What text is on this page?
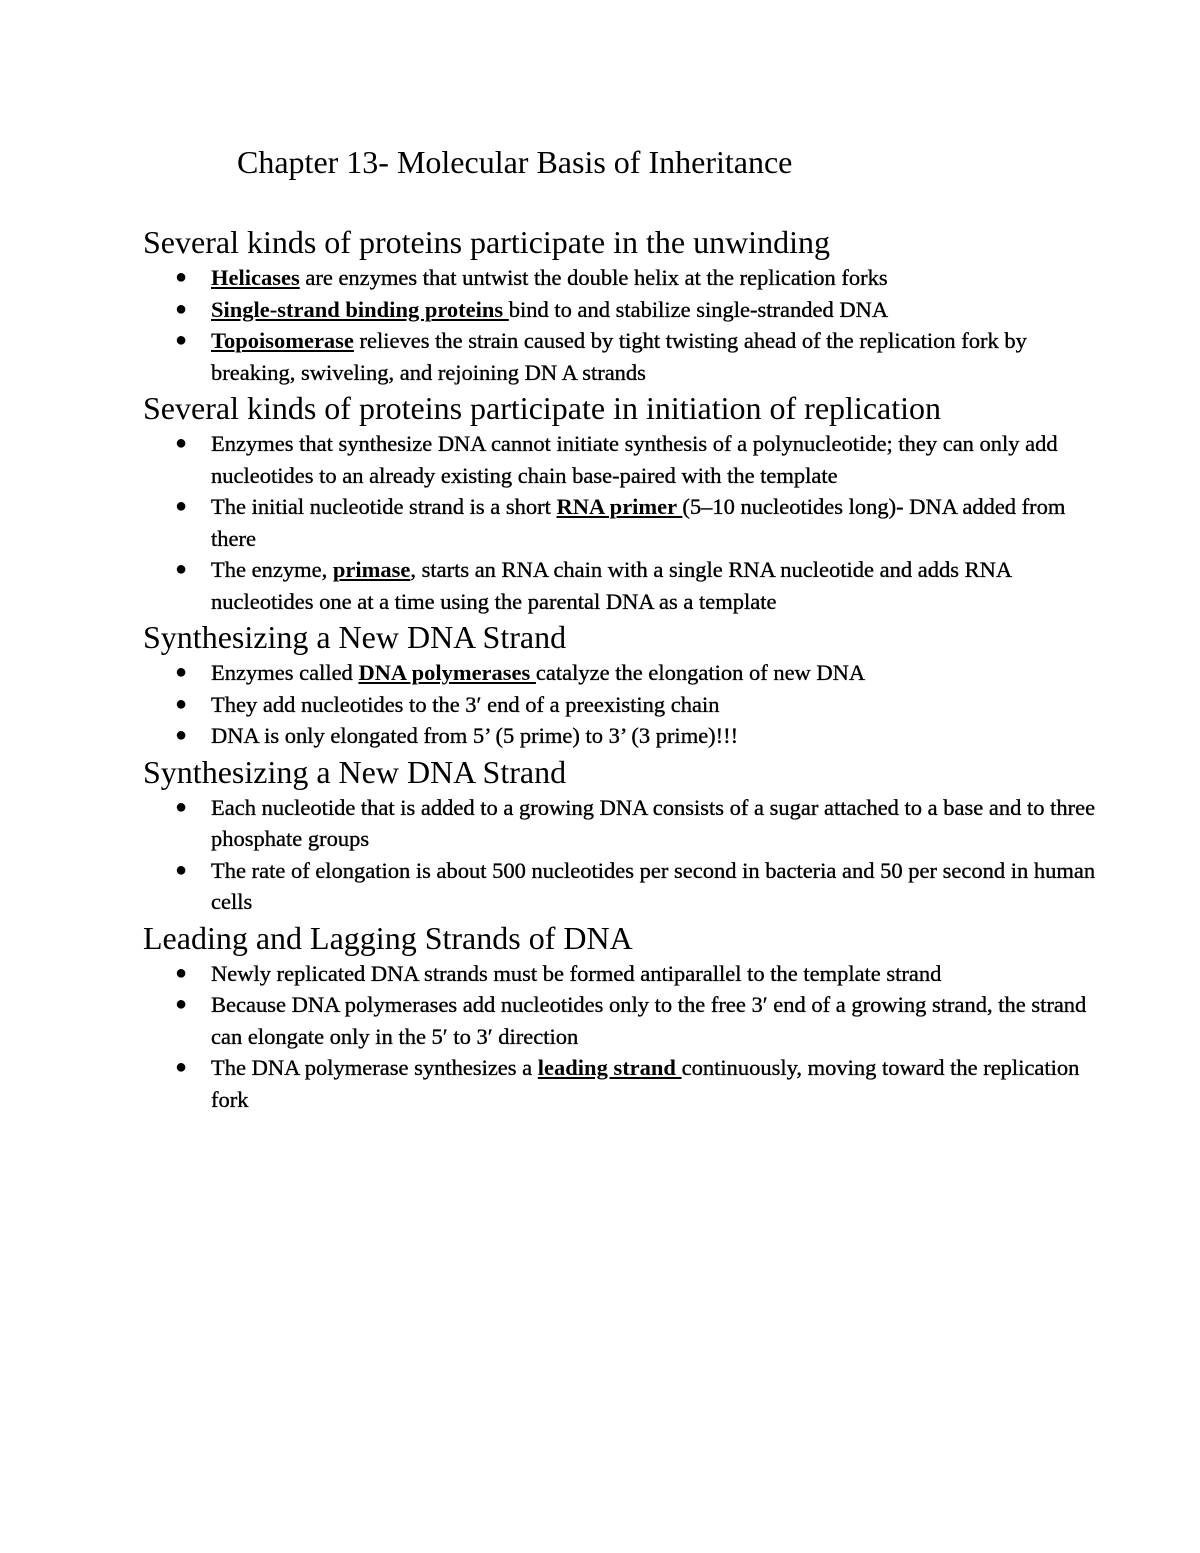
Chapter 13- Molecular Basis of Inheritance
Several kinds of proteins participate in the unwinding
● Helicases are enzymes that untwist the double helix at the replication forks
● Single-strand binding proteins bind to and stabilize single-stranded DNA
● Topoisomerase relieves the strain caused by tight twisting ahead of the replication fork by breaking, swiveling, and rejoining DN A strands
Several kinds of proteins participate in initiation of replication
● Enzymes that synthesize DNA cannot initiate synthesis of a polynucleotide; they can only add nucleotides to an already existing chain base-paired with the template
● The initial nucleotide strand is a short RNA primer (5–10 nucleotides long)- DNA added from there
● The enzyme, primase, starts an RNA chain with a single RNA nucleotide and adds RNA nucleotides one at a time using the parental DNA as a template
Synthesizing a New DNA Strand
● Enzymes called DNA polymerases catalyze the elongation of new DNA
● They add nucleotides to the 3′ end of a preexisting chain
● DNA is only elongated from 5’ (5 prime) to 3’ (3 prime)!!!
Synthesizing a New DNA Strand
● Each nucleotide that is added to a growing DNA consists of a sugar attached to a base and to three phosphate groups
● The rate of elongation is about 500 nucleotides per second in bacteria and 50 per second in human cells
Leading and Lagging Strands of DNA
● Newly replicated DNA strands must be formed antiparallel to the template strand
● Because DNA polymerases add nucleotides only to the free 3′ end of a growing strand, the strand can elongate only in the 5′ to 3′ direction
● The DNA polymerase synthesizes a leading strand continuously, moving toward the replication fork
